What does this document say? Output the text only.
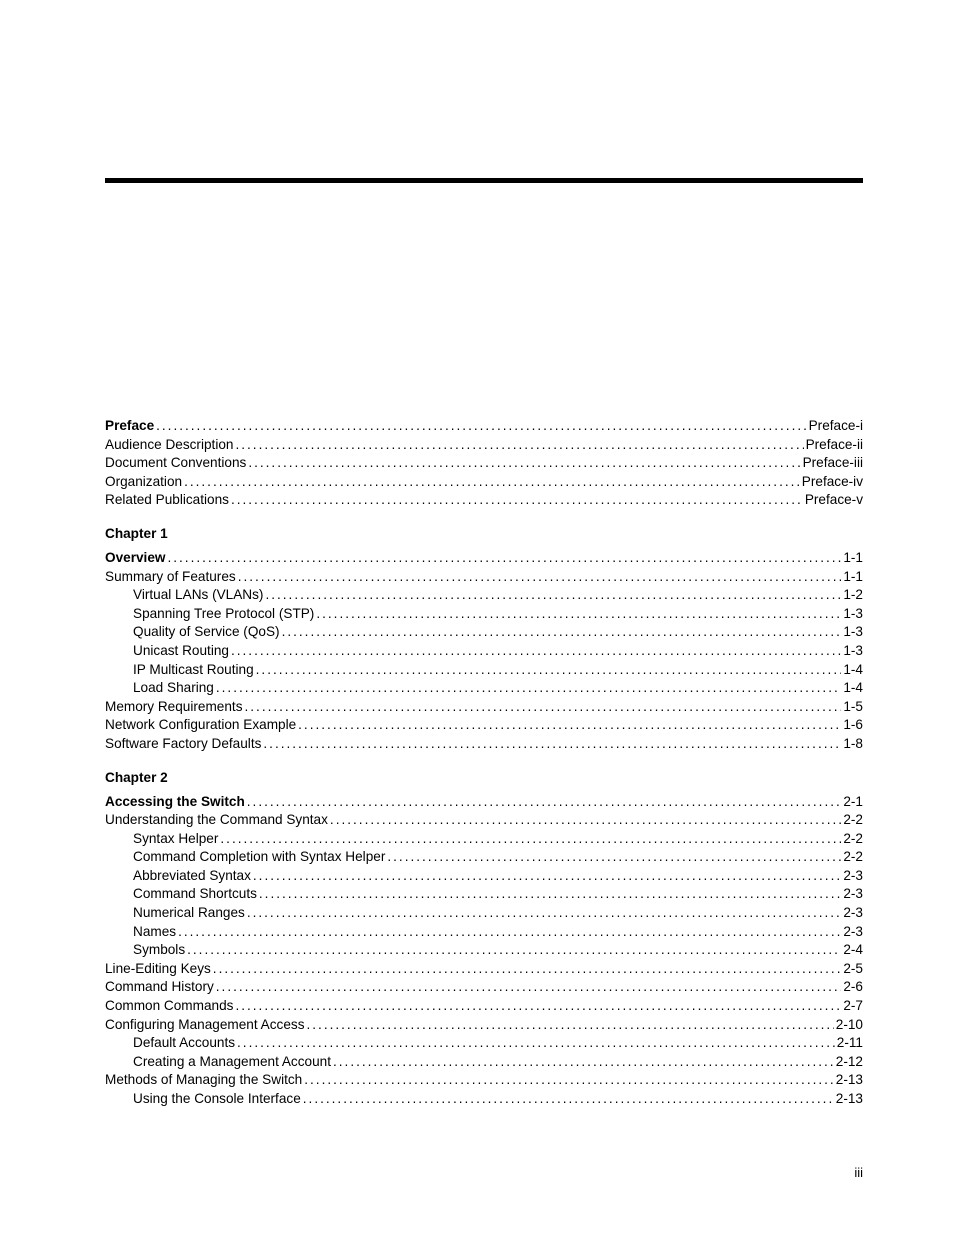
Preface .....	Preface-i
Audience Description .....	Preface-ii
Document Conventions .....	Preface-iii
Organization .....	Preface-iv
Related Publications .....	Preface-v
Chapter 1
Overview .....	1-1
Summary of Features .....	1-1
Virtual LANs (VLANs) .....	1-2
Spanning Tree Protocol (STP) .....	1-3
Quality of Service (QoS) .....	1-3
Unicast Routing .....	1-3
IP Multicast Routing .....	1-4
Load Sharing .....	1-4
Memory Requirements .....	1-5
Network Configuration Example .....	1-6
Software Factory Defaults .....	1-8
Chapter 2
Accessing the Switch .....	2-1
Understanding the Command Syntax .....	2-2
Syntax Helper .....	2-2
Command Completion with Syntax Helper .....	2-2
Abbreviated Syntax .....	2-3
Command Shortcuts .....	2-3
Numerical Ranges .....	2-3
Names .....	2-3
Symbols .....	2-4
Line-Editing Keys .....	2-5
Command History .....	2-6
Common Commands .....	2-7
Configuring Management Access .....	2-10
Default Accounts .....	2-11
Creating a Management Account .....	2-12
Methods of Managing the Switch .....	2-13
Using the Console Interface .....	2-13
iii
